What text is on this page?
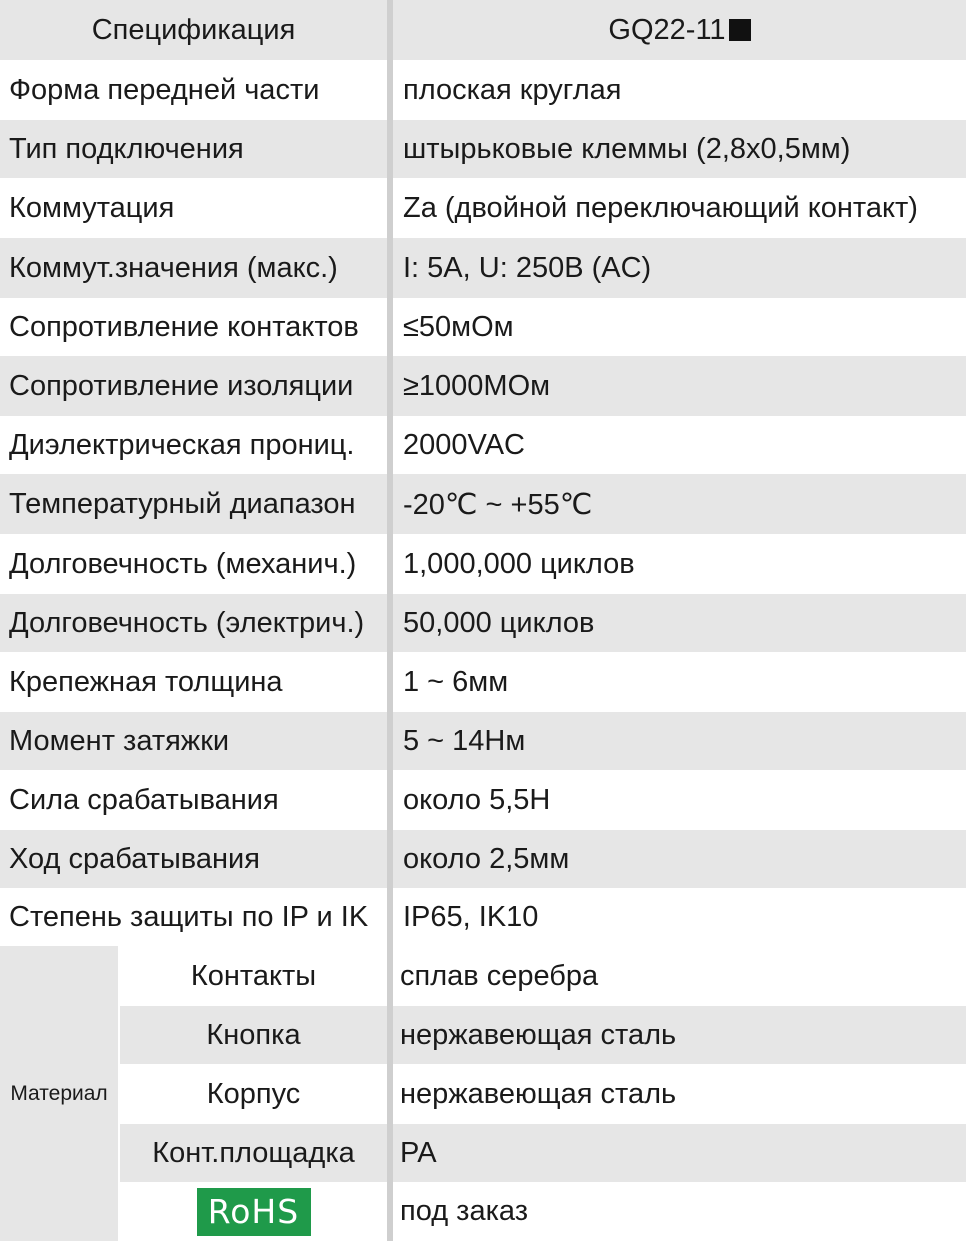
Спецификация	GQ22-11
Форма передней части	плоская круглая
Тип подключения	штырьковые клеммы (2,8x0,5мм)
Коммутация	Za (двойной переключающий контакт)
Коммут.значения (макс.)	I: 5A, U: 250B (AC)
Сопротивление контактов	≤50мОм
Сопротивление изоляции	≥1000МОм
Диэлектрическая прониц.	2000VAC
Температурный диапазон	-20℃ ~ +55℃
Долговечность (механич.)	1,000,000 циклов
Долговечность (электрич.)	50,000 циклов
Крепежная толщина	1 ~ 6мм
Момент затяжки	5 ~ 14Нм
Сила срабатывания	около 5,5Н
Ход срабатывания	около 2,5мм
Степень защиты по IP и IK	IP65, IK10
Материал
Контакты	сплав серебра
Кнопка	нержавеющая сталь
Корпус	нержавеющая сталь
Конт.площадка	PA
RoHS	под заказ
